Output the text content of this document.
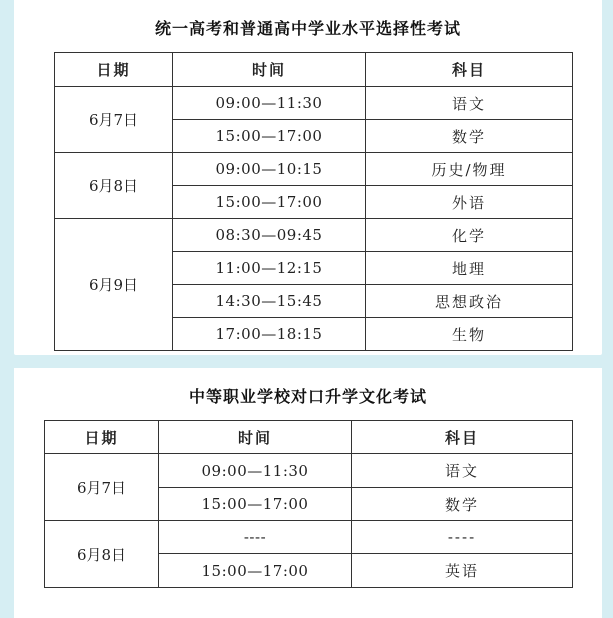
统一高考和普通高中学业水平选择性考试
日期	时间	科目
6月7日	09:00—11:30	语文
	15:00—17:00	数学
6月8日	09:00—10:15	历史/物理
	15:00—17:00	外语
6月9日	08:30—09:45	化学
	11:00—12:15	地理
	14:30—15:45	思想政治
	17:00—18:15	生物
中等职业学校对口升学文化考试
日期	时间	科目
6月7日	09:00—11:30	语文
	15:00—17:00	数学
6月8日	----	----
	15:00—17:00	英语
